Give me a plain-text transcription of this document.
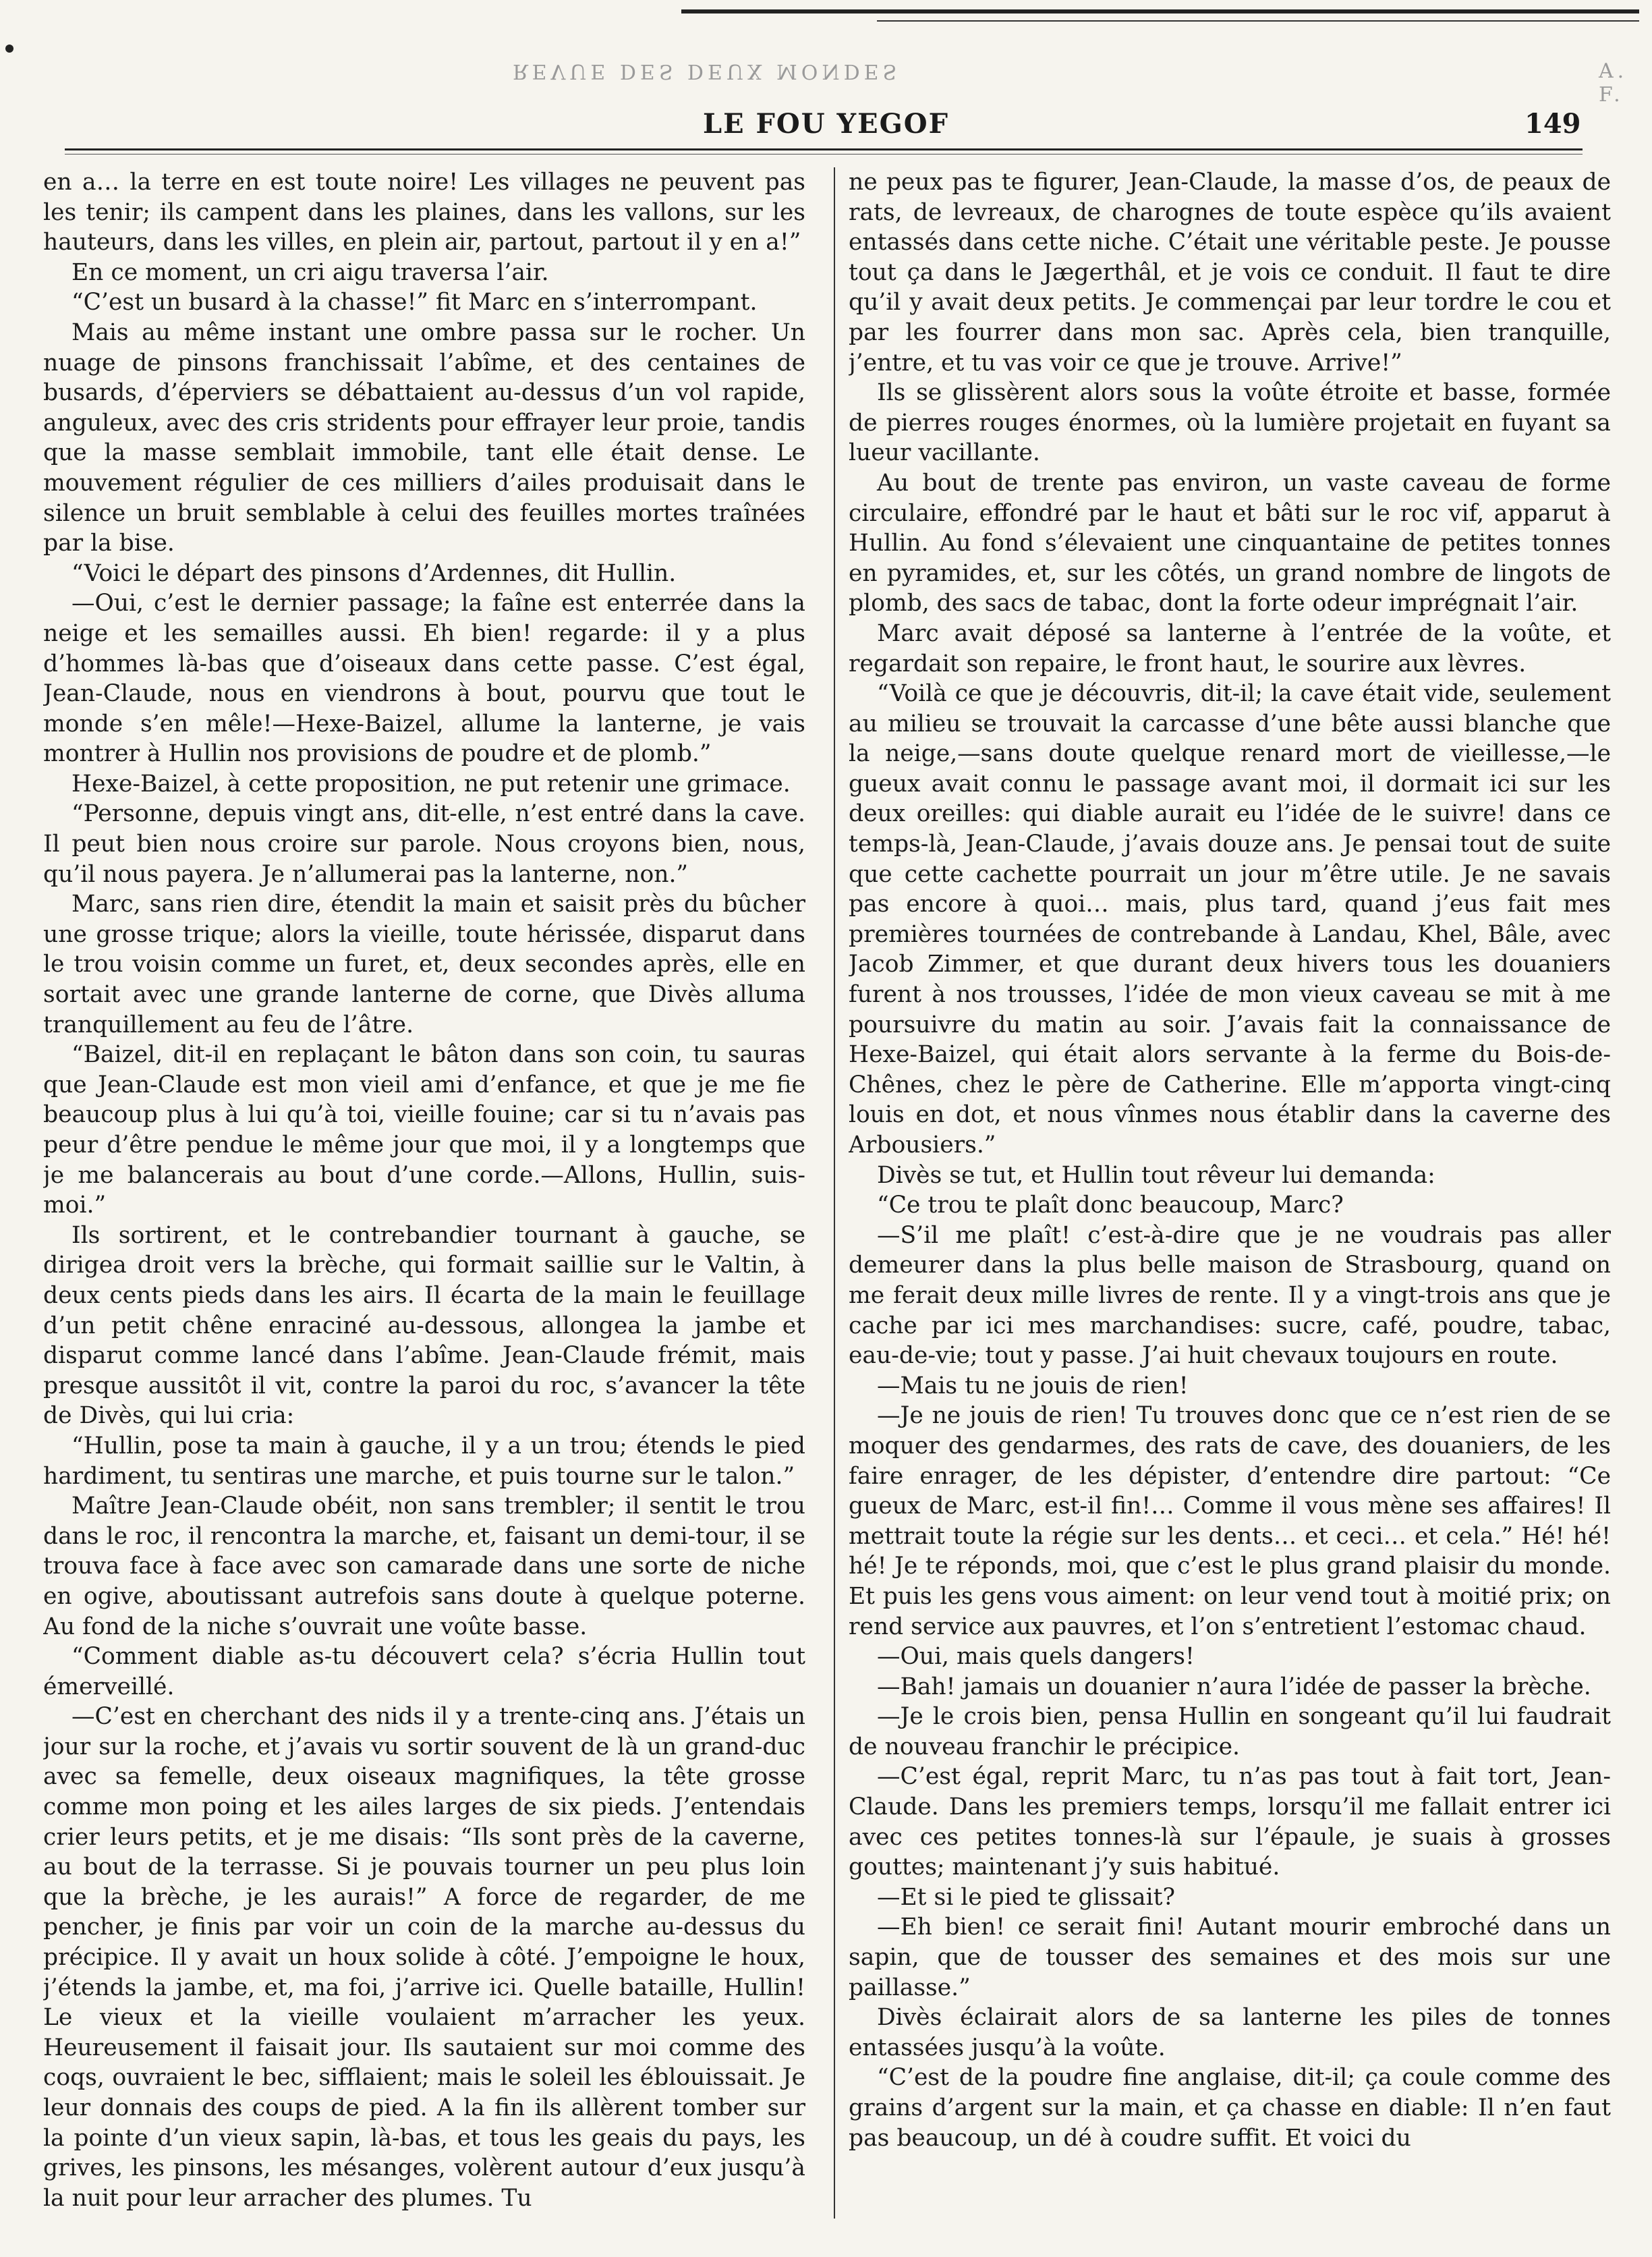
REVUE DES DEUX MONDES	A. F.
LE FOU YEGOF	149

en a… la terre en est toute noire! Les villages ne peuvent pas les tenir; ils campent dans les plaines, dans les vallons, sur les hauteurs, dans les villes, en plein air, partout, partout il y en a!”

En ce moment, un cri aigu traversa l’air.

“C’est un busard à la chasse!” fit Marc en s’interrompant.

Mais au même instant une ombre passa sur le rocher. Un nuage de pinsons franchissait l’abîme, et des centaines de busards, d’éperviers se débattaient au-dessus d’un vol rapide, anguleux, avec des cris stridents pour effrayer leur proie, tandis que la masse semblait immobile, tant elle était dense. Le mouvement régulier de ces milliers d’ailes produisait dans le silence un bruit semblable à celui des feuilles mortes traînées par la bise.

“Voici le départ des pinsons d’Ardennes, dit Hullin.

—Oui, c’est le dernier passage; la faîne est enterrée dans la neige et les semailles aussi. Eh bien! regarde: il y a plus d’hommes là-bas que d’oiseaux dans cette passe. C’est égal, Jean-Claude, nous en viendrons à bout, pourvu que tout le monde s’en mêle!—Hexe-Baizel, allume la lanterne, je vais montrer à Hullin nos provisions de poudre et de plomb.”

Hexe-Baizel, à cette proposition, ne put retenir une grimace.

“Personne, depuis vingt ans, dit-elle, n’est entré dans la cave. Il peut bien nous croire sur parole. Nous croyons bien, nous, qu’il nous payera. Je n’allumerai pas la lanterne, non.”

Marc, sans rien dire, étendit la main et saisit près du bûcher une grosse trique; alors la vieille, toute hérissée, disparut dans le trou voisin comme un furet, et, deux secondes après, elle en sortait avec une grande lanterne de corne, que Divès alluma tranquillement au feu de l’âtre.

“Baizel, dit-il en replaçant le bâton dans son coin, tu sauras que Jean-Claude est mon vieil ami d’enfance, et que je me fie beaucoup plus à lui qu’à toi, vieille fouine; car si tu n’avais pas peur d’être pendue le même jour que moi, il y a longtemps que je me balancerais au bout d’une corde.—Allons, Hullin, suis-moi.”

Ils sortirent, et le contrebandier tournant à gauche, se dirigea droit vers la brèche, qui formait saillie sur le Valtin, à deux cents pieds dans les airs. Il écarta de la main le feuillage d’un petit chêne enraciné au-dessous, allongea la jambe et disparut comme lancé dans l’abîme. Jean-Claude frémit, mais presque aussitôt il vit, contre la paroi du roc, s’avancer la tête de Divès, qui lui cria:

“Hullin, pose ta main à gauche, il y a un trou; étends le pied hardiment, tu sentiras une marche, et puis tourne sur le talon.”

Maître Jean-Claude obéit, non sans trembler; il sentit le trou dans le roc, il rencontra la marche, et, faisant un demi-tour, il se trouva face à face avec son camarade dans une sorte de niche en ogive, aboutissant autrefois sans doute à quelque poterne. Au fond de la niche s’ouvrait une voûte basse.

“Comment diable as-tu découvert cela? s’écria Hullin tout émerveillé.

—C’est en cherchant des nids il y a trente-cinq ans. J’étais un jour sur la roche, et j’avais vu sortir souvent de là un grand-duc avec sa femelle, deux oiseaux magnifiques, la tête grosse comme mon poing et les ailes larges de six pieds. J’entendais crier leurs petits, et je me disais: “Ils sont près de la caverne, au bout de la terrasse. Si je pouvais tourner un peu plus loin que la brèche, je les aurais!” A force de regarder, de me pencher, je finis par voir un coin de la marche au-dessus du précipice. Il y avait un houx solide à côté. J’empoigne le houx, j’étends la jambe, et, ma foi, j’arrive ici. Quelle bataille, Hullin! Le vieux et la vieille voulaient m’arracher les yeux. Heureusement il faisait jour. Ils sautaient sur moi comme des coqs, ouvraient le bec, sifflaient; mais le soleil les éblouissait. Je leur donnais des coups de pied. A la fin ils allèrent tomber sur la pointe d’un vieux sapin, là-bas, et tous les geais du pays, les grives, les pinsons, les mésanges, volèrent autour d’eux jusqu’à la nuit pour leur arracher des plumes. Tu

ne peux pas te figurer, Jean-Claude, la masse d’os, de peaux de rats, de levreaux, de charognes de toute espèce qu’ils avaient entassés dans cette niche. C’était une véritable peste. Je pousse tout ça dans le Jægerthâl, et je vois ce conduit. Il faut te dire qu’il y avait deux petits. Je commençai par leur tordre le cou et par les fourrer dans mon sac. Après cela, bien tranquille, j’entre, et tu vas voir ce que je trouve. Arrive!”

Ils se glissèrent alors sous la voûte étroite et basse, formée de pierres rouges énormes, où la lumière projetait en fuyant sa lueur vacillante.

Au bout de trente pas environ, un vaste caveau de forme circulaire, effondré par le haut et bâti sur le roc vif, apparut à Hullin. Au fond s’élevaient une cinquantaine de petites tonnes en pyramides, et, sur les côtés, un grand nombre de lingots de plomb, des sacs de tabac, dont la forte odeur imprégnait l’air.

Marc avait déposé sa lanterne à l’entrée de la voûte, et regardait son repaire, le front haut, le sourire aux lèvres.

“Voilà ce que je découvris, dit-il; la cave était vide, seulement au milieu se trouvait la carcasse d’une bête aussi blanche que la neige,—sans doute quelque renard mort de vieillesse,—le gueux avait connu le passage avant moi, il dormait ici sur les deux oreilles: qui diable aurait eu l’idée de le suivre! dans ce temps-là, Jean-Claude, j’avais douze ans. Je pensai tout de suite que cette cachette pourrait un jour m’être utile. Je ne savais pas encore à quoi… mais, plus tard, quand j’eus fait mes premières tournées de contrebande à Landau, Khel, Bâle, avec Jacob Zimmer, et que durant deux hivers tous les douaniers furent à nos trousses, l’idée de mon vieux caveau se mit à me poursuivre du matin au soir. J’avais fait la connaissance de Hexe-Baizel, qui était alors servante à la ferme du Bois-de-Chênes, chez le père de Catherine. Elle m’apporta vingt-cinq louis en dot, et nous vînmes nous établir dans la caverne des Arbousiers.”

Divès se tut, et Hullin tout rêveur lui demanda:

“Ce trou te plaît donc beaucoup, Marc?

—S’il me plaît! c’est-à-dire que je ne voudrais pas aller demeurer dans la plus belle maison de Strasbourg, quand on me ferait deux mille livres de rente. Il y a vingt-trois ans que je cache par ici mes marchandises: sucre, café, poudre, tabac, eau-de-vie; tout y passe. J’ai huit chevaux toujours en route.

—Mais tu ne jouis de rien!

—Je ne jouis de rien! Tu trouves donc que ce n’est rien de se moquer des gendarmes, des rats de cave, des douaniers, de les faire enrager, de les dépister, d’entendre dire partout: “Ce gueux de Marc, est-il fin!… Comme il vous mène ses affaires! Il mettrait toute la régie sur les dents… et ceci… et cela.” Hé! hé! hé! Je te réponds, moi, que c’est le plus grand plaisir du monde. Et puis les gens vous aiment: on leur vend tout à moitié prix; on rend service aux pauvres, et l’on s’entretient l’estomac chaud.

—Oui, mais quels dangers!

—Bah! jamais un douanier n’aura l’idée de passer la brèche.

—Je le crois bien, pensa Hullin en songeant qu’il lui faudrait de nouveau franchir le précipice.

—C’est égal, reprit Marc, tu n’as pas tout à fait tort, Jean-Claude. Dans les premiers temps, lorsqu’il me fallait entrer ici avec ces petites tonnes-là sur l’épaule, je suais à grosses gouttes; maintenant j’y suis habitué.

—Et si le pied te glissait?

—Eh bien! ce serait fini! Autant mourir embroché dans un sapin, que de tousser des semaines et des mois sur une paillasse.”

Divès éclairait alors de sa lanterne les piles de tonnes entassées jusqu’à la voûte.

“C’est de la poudre fine anglaise, dit-il; ça coule comme des grains d’argent sur la main, et ça chasse en diable: Il n’en faut pas beaucoup, un dé à coudre suffit. Et voici du
